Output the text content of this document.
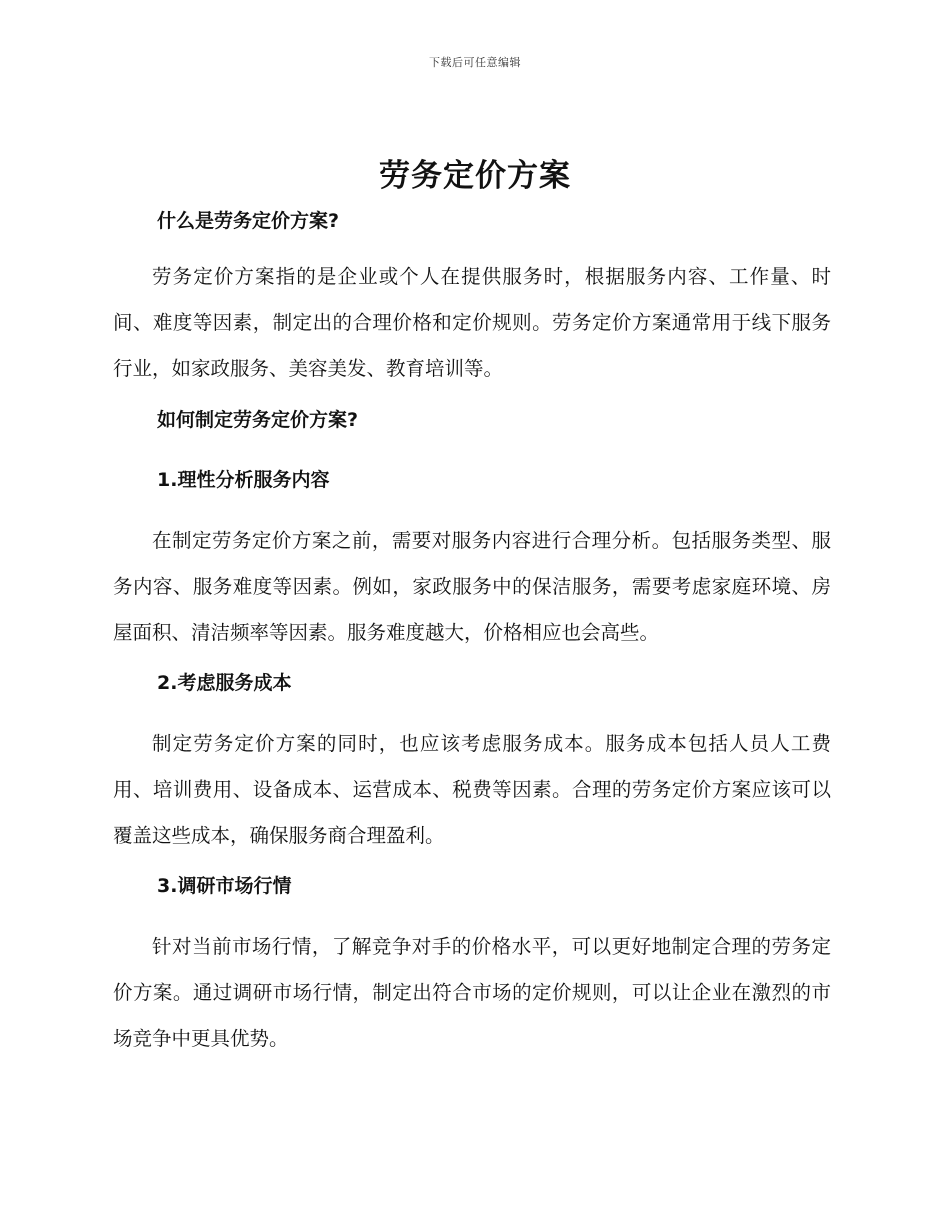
下载后可任意编辑
劳务定价方案

什么是劳务定价方案?

劳务定价方案指的是企业或个人在提供服务时，根据服务内容、工作量、时间、难度等因素，制定出的合理价格和定价规则。劳务定价方案通常用于线下服务行业，如家政服务、美容美发、教育培训等。

如何制定劳务定价方案?

1.理性分析服务内容

在制定劳务定价方案之前，需要对服务内容进行合理分析。包括服务类型、服务内容、服务难度等因素。例如，家政服务中的保洁服务，需要考虑家庭环境、房屋面积、清洁频率等因素。服务难度越大，价格相应也会高些。

2.考虑服务成本

制定劳务定价方案的同时，也应该考虑服务成本。服务成本包括人员人工费用、培训费用、设备成本、运营成本、税费等因素。合理的劳务定价方案应该可以覆盖这些成本，确保服务商合理盈利。

3.调研市场行情

针对当前市场行情，了解竞争对手的价格水平，可以更好地制定合理的劳务定价方案。通过调研市场行情，制定出符合市场的定价规则，可以让企业在激烈的市场竞争中更具优势。
